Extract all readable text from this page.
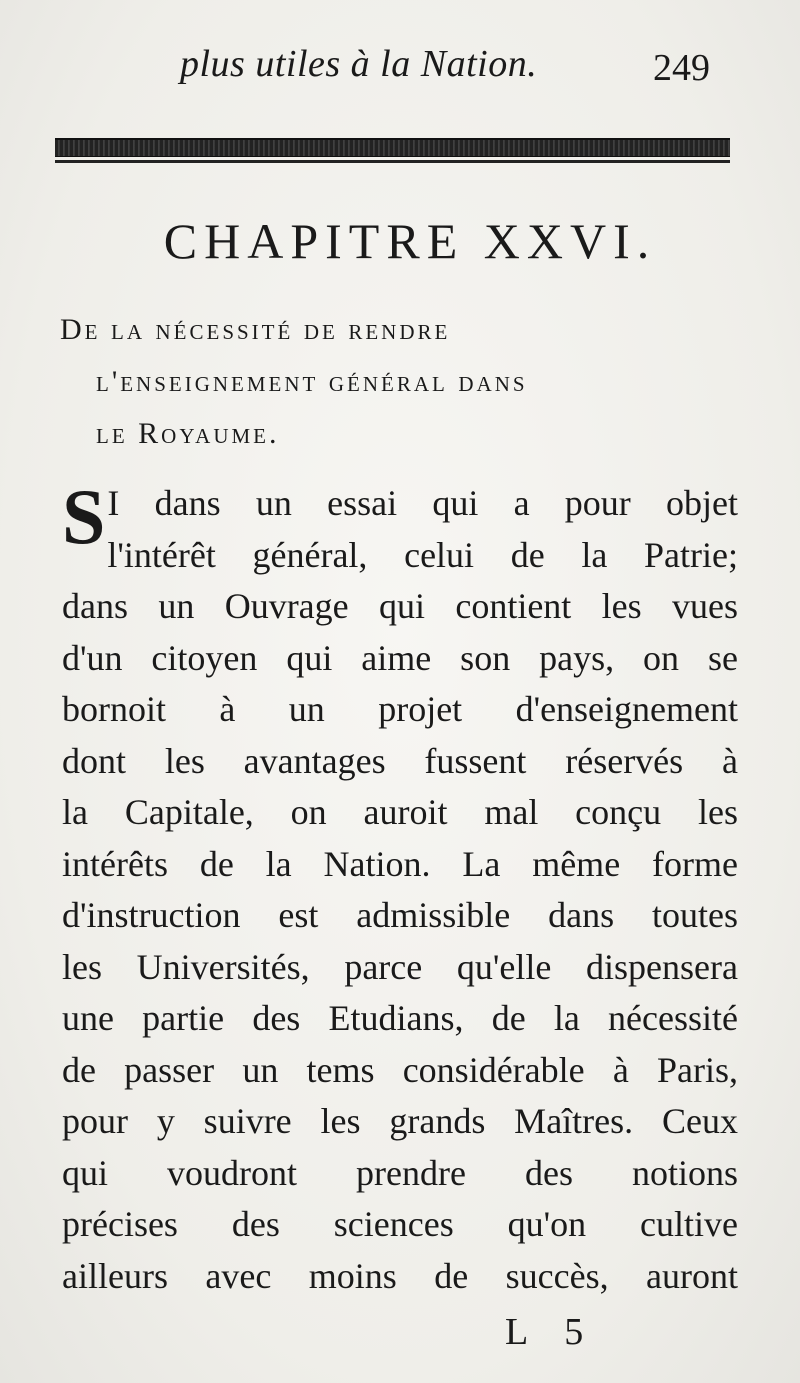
plus utiles à la Nation.	249
CHAPITRE XXVI.
De la nécessité de rendre
l'enseignement général dans
le Royaume.
S I dans un essai qui a pour objet
l'intérêt général, celui de la Patrie;
dans un Ouvrage qui contient les vues
d'un citoyen qui aime son pays, on se
bornoit à un projet d'enseignement
dont les avantages fussent réservés à
la Capitale, on auroit mal conçu les
intérêts de la Nation. La même forme
d'instruction est admissible dans toutes
les Universités, parce qu'elle dispensera
une partie des Etudians, de la nécessité
de passer un tems considérable à Paris,
pour y suivre les grands Maîtres. Ceux
qui voudront prendre des notions
précises des sciences qu'on cultive
ailleurs avec moins de succès, auront
L 5
